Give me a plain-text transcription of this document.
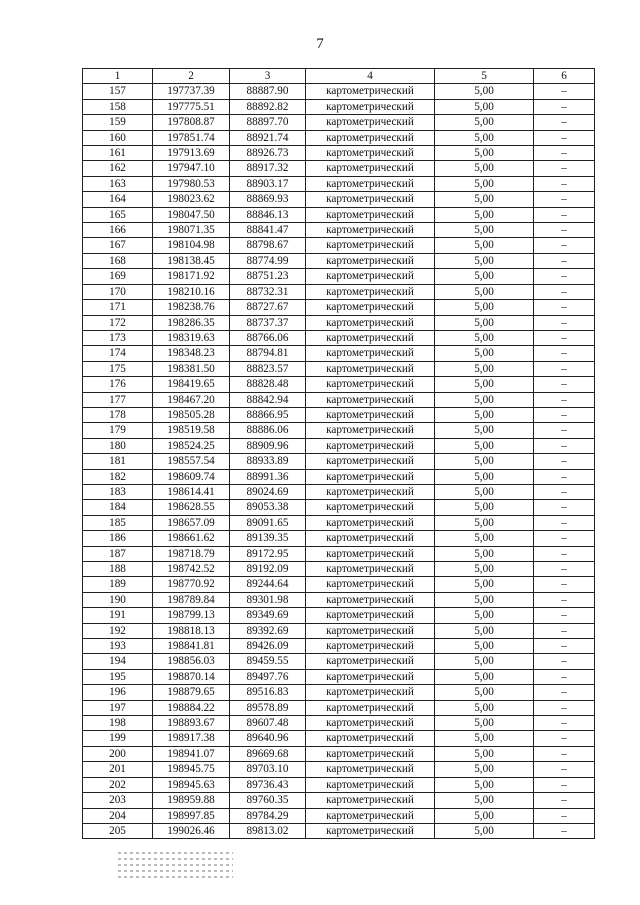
7
1	2	3	4	5	6
157	197737.39	88887.90	картометрический	5,00	–
158	197775.51	88892.82	картометрический	5,00	–
159	197808.87	88897.70	картометрический	5,00	–
160	197851.74	88921.74	картометрический	5,00	–
161	197913.69	88926.73	картометрический	5,00	–
162	197947.10	88917.32	картометрический	5,00	–
163	197980.53	88903.17	картометрический	5,00	–
164	198023.62	88869.93	картометрический	5,00	–
165	198047.50	88846.13	картометрический	5,00	–
166	198071.35	88841.47	картометрический	5,00	–
167	198104.98	88798.67	картометрический	5,00	–
168	198138.45	88774.99	картометрический	5,00	–
169	198171.92	88751.23	картометрический	5,00	–
170	198210.16	88732.31	картометрический	5,00	–
171	198238.76	88727.67	картометрический	5,00	–
172	198286.35	88737.37	картометрический	5,00	–
173	198319.63	88766.06	картометрический	5,00	–
174	198348.23	88794.81	картометрический	5,00	–
175	198381.50	88823.57	картометрический	5,00	–
176	198419.65	88828.48	картометрический	5,00	–
177	198467.20	88842.94	картометрический	5,00	–
178	198505.28	88866.95	картометрический	5,00	–
179	198519.58	88886.06	картометрический	5,00	–
180	198524.25	88909.96	картометрический	5,00	–
181	198557.54	88933.89	картометрический	5,00	–
182	198609.74	88991.36	картометрический	5,00	–
183	198614.41	89024.69	картометрический	5,00	–
184	198628.55	89053.38	картометрический	5,00	–
185	198657.09	89091.65	картометрический	5,00	–
186	198661.62	89139.35	картометрический	5,00	–
187	198718.79	89172.95	картометрический	5,00	–
188	198742.52	89192.09	картометрический	5,00	–
189	198770.92	89244.64	картометрический	5,00	–
190	198789.84	89301.98	картометрический	5,00	–
191	198799.13	89349.69	картометрический	5,00	–
192	198818.13	89392.69	картометрический	5,00	–
193	198841.81	89426.09	картометрический	5,00	–
194	198856.03	89459.55	картометрический	5,00	–
195	198870.14	89497.76	картометрический	5,00	–
196	198879.65	89516.83	картометрический	5,00	–
197	198884.22	89578.89	картометрический	5,00	–
198	198893.67	89607.48	картометрический	5,00	–
199	198917.38	89640.96	картометрический	5,00	–
200	198941.07	89669.68	картометрический	5,00	–
201	198945.75	89703.10	картометрический	5,00	–
202	198945.63	89736.43	картометрический	5,00	–
203	198959.88	89760.35	картометрический	5,00	–
204	198997.85	89784.29	картометрический	5,00	–
205	199026.46	89813.02	картометрический	5,00	–
